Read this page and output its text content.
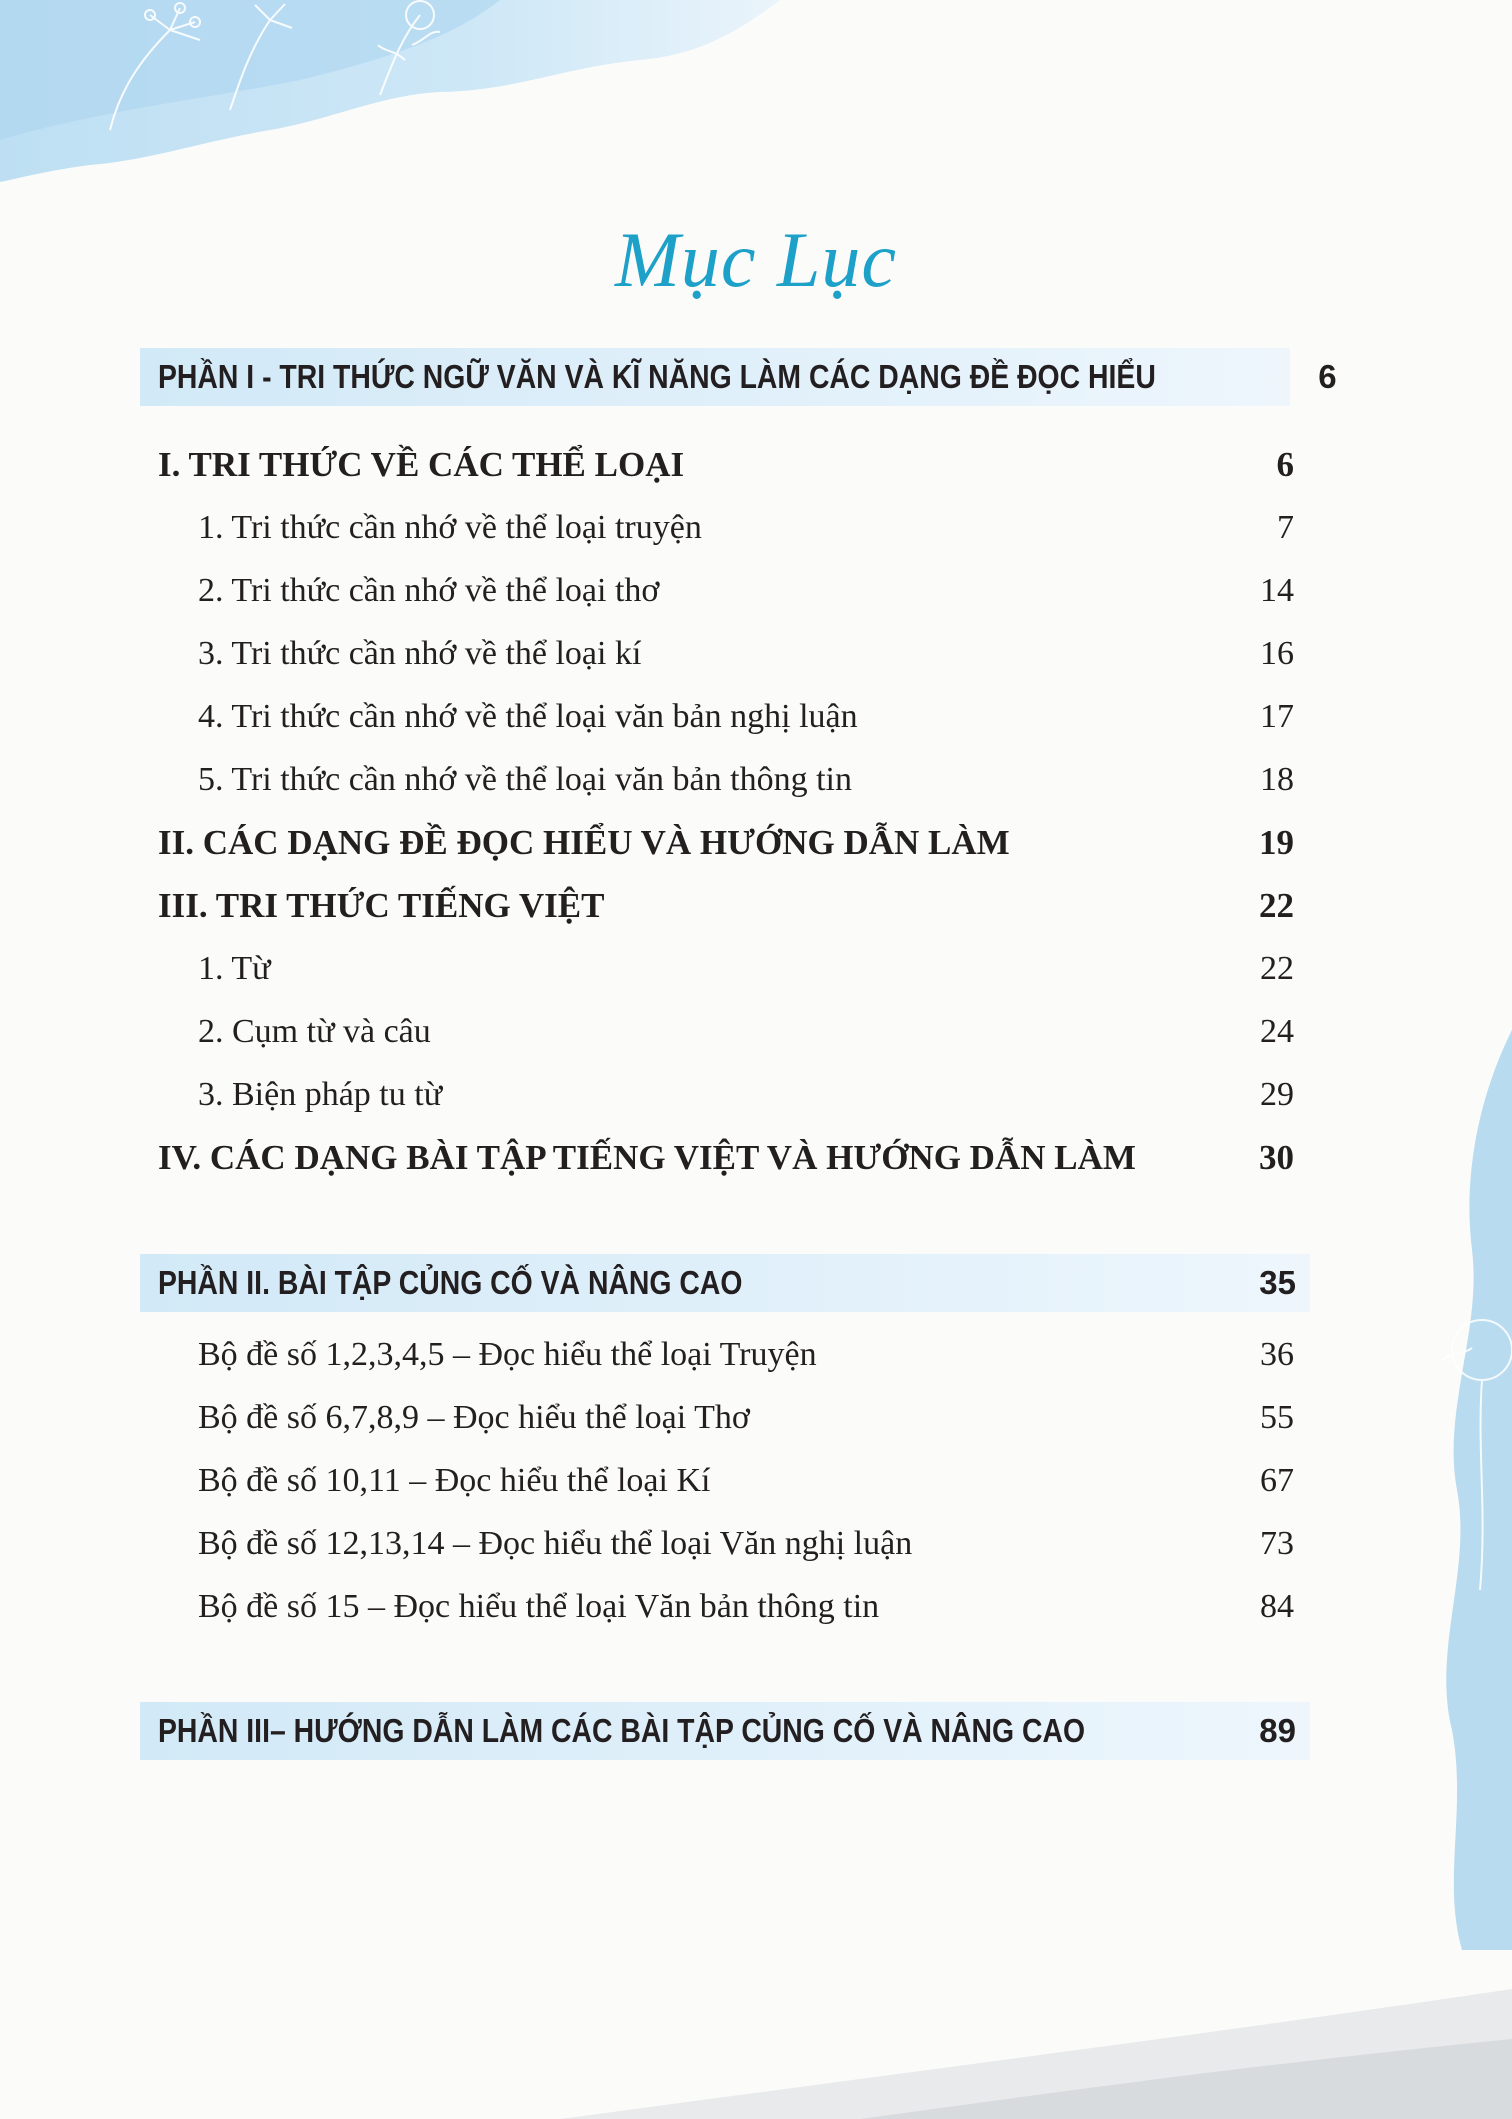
Mục Lục
PHẦN I - TRI THỨC NGỮ VĂN VÀ KĨ NĂNG LÀM CÁC DẠNG ĐỀ ĐỌC HIỂU	6
I. TRI THỨC VỀ CÁC THỂ LOẠI	6
1. Tri thức cần nhớ về thể loại truyện	7
2. Tri thức cần nhớ về thể loại thơ	14
3. Tri thức cần nhớ về thể loại kí	16
4. Tri thức cần nhớ về thể loại văn bản nghị luận	17
5. Tri thức cần nhớ về thể loại văn bản thông tin	18
II. CÁC DẠNG ĐỀ ĐỌC HIỂU VÀ HƯỚNG DẪN LÀM	19
III. TRI THỨC TIẾNG VIỆT	22
1. Từ	22
2. Cụm từ và câu	24
3. Biện pháp tu từ	29
IV. CÁC DẠNG BÀI TẬP TIẾNG VIỆT VÀ HƯỚNG DẪN LÀM	30
PHẦN II. BÀI TẬP CỦNG CỐ VÀ NÂNG CAO	35
Bộ đề số 1,2,3,4,5 – Đọc hiểu thể loại Truyện	36
Bộ đề số 6,7,8,9 – Đọc hiểu thể loại Thơ	55
Bộ đề số 10,11 – Đọc hiểu thể loại Kí	67
Bộ đề số 12,13,14 – Đọc hiểu thể loại Văn nghị luận	73
Bộ đề số 15 – Đọc hiểu thể loại Văn bản thông tin	84
PHẦN III– HƯỚNG DẪN LÀM CÁC BÀI TẬP CỦNG CỐ VÀ NÂNG CAO	89
